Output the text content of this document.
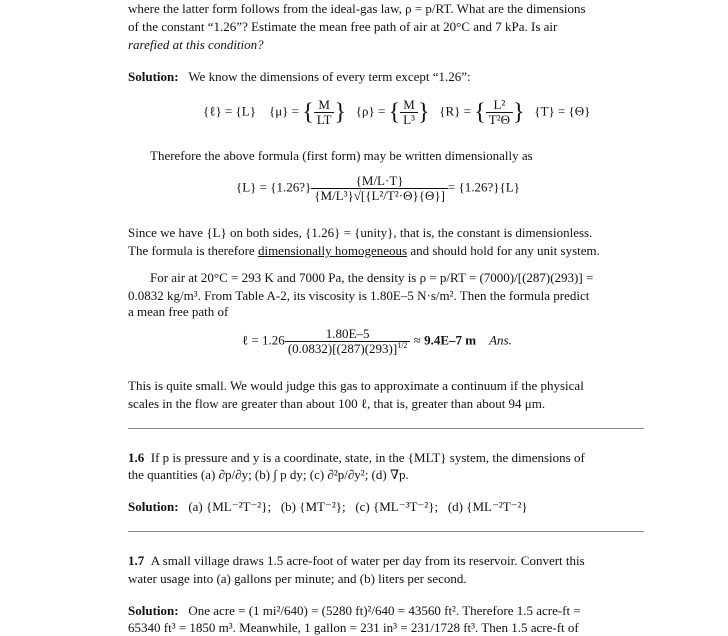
where the latter form follows from the ideal-gas law, ρ = p/RT. What are the dimensions
of the constant “1.26”? Estimate the mean free path of air at 20°C and 7 kPa. Is air
rarefied at this condition?
Solution: We know the dimensions of every term except “1.26”:
{ℓ} = {L} {μ} = { $\frac{M}{LT}$ } {ρ} = { $\frac{M}{\text{L³}}$ } {R} = { $\frac{\text{L²}}{\text{T²Θ}}$ } {T} = {Θ}
Therefore the above formula (first form) may be written dimensionally as
{L} = {1.26?} $\frac{\{M/L\cdot T\}}{\text{\{M/L³\}√[\{L²/T²·Θ\}\{Θ\}]}}$ = {1.26?}{L}
Since we have {L} on both sides, {1.26} = {unity}, that is, the constant is dimensionless.
The formula is therefore dimensionally homogeneous and should hold for any unit system.
For air at 20°C = 293 K and 7000 Pa, the density is ρ = p/RT = (7000)/[(287)(293)] =
0.0832 kg/m³. From Table A-2, its viscosity is 1.80E–5 N·s/m². Then the formula predict
a mean free path of
ℓ = $1.26 \frac{1.80E-5}{(0.0832)[(287)(293)]^{1/2}} \approx 9.4E-7$ m Ans.
This is quite small. We would judge this gas to approximate a continuum if the physical
scales in the flow are greater than about 100 ℓ, that is, greater than about 94 μm.
1.6 If p is pressure and y is a coordinate, state, in the {MLT} system, the dimensions of
the quantities (a) ∂p/∂y; (b) ∫ p dy; (c) ∂²p/∂y²; (d) ∇p.
Solution: (a) {ML⁻²T⁻²}; (b) {MT⁻²}; (c) {ML⁻³T⁻²}; (d) {ML⁻²T⁻²}
1.7 A small village draws 1.5 acre-foot of water per day from its reservoir. Convert this
water usage into (a) gallons per minute; and (b) liters per second.
Solution: One acre = (1 mi²/640) = (5280 ft)²/640 = 43560 ft². Therefore 1.5 acre-ft =
65340 ft³ = 1850 m³. Meanwhile, 1 gallon = 231 in³ = 231/1728 ft³. Then 1.5 acre-ft of
